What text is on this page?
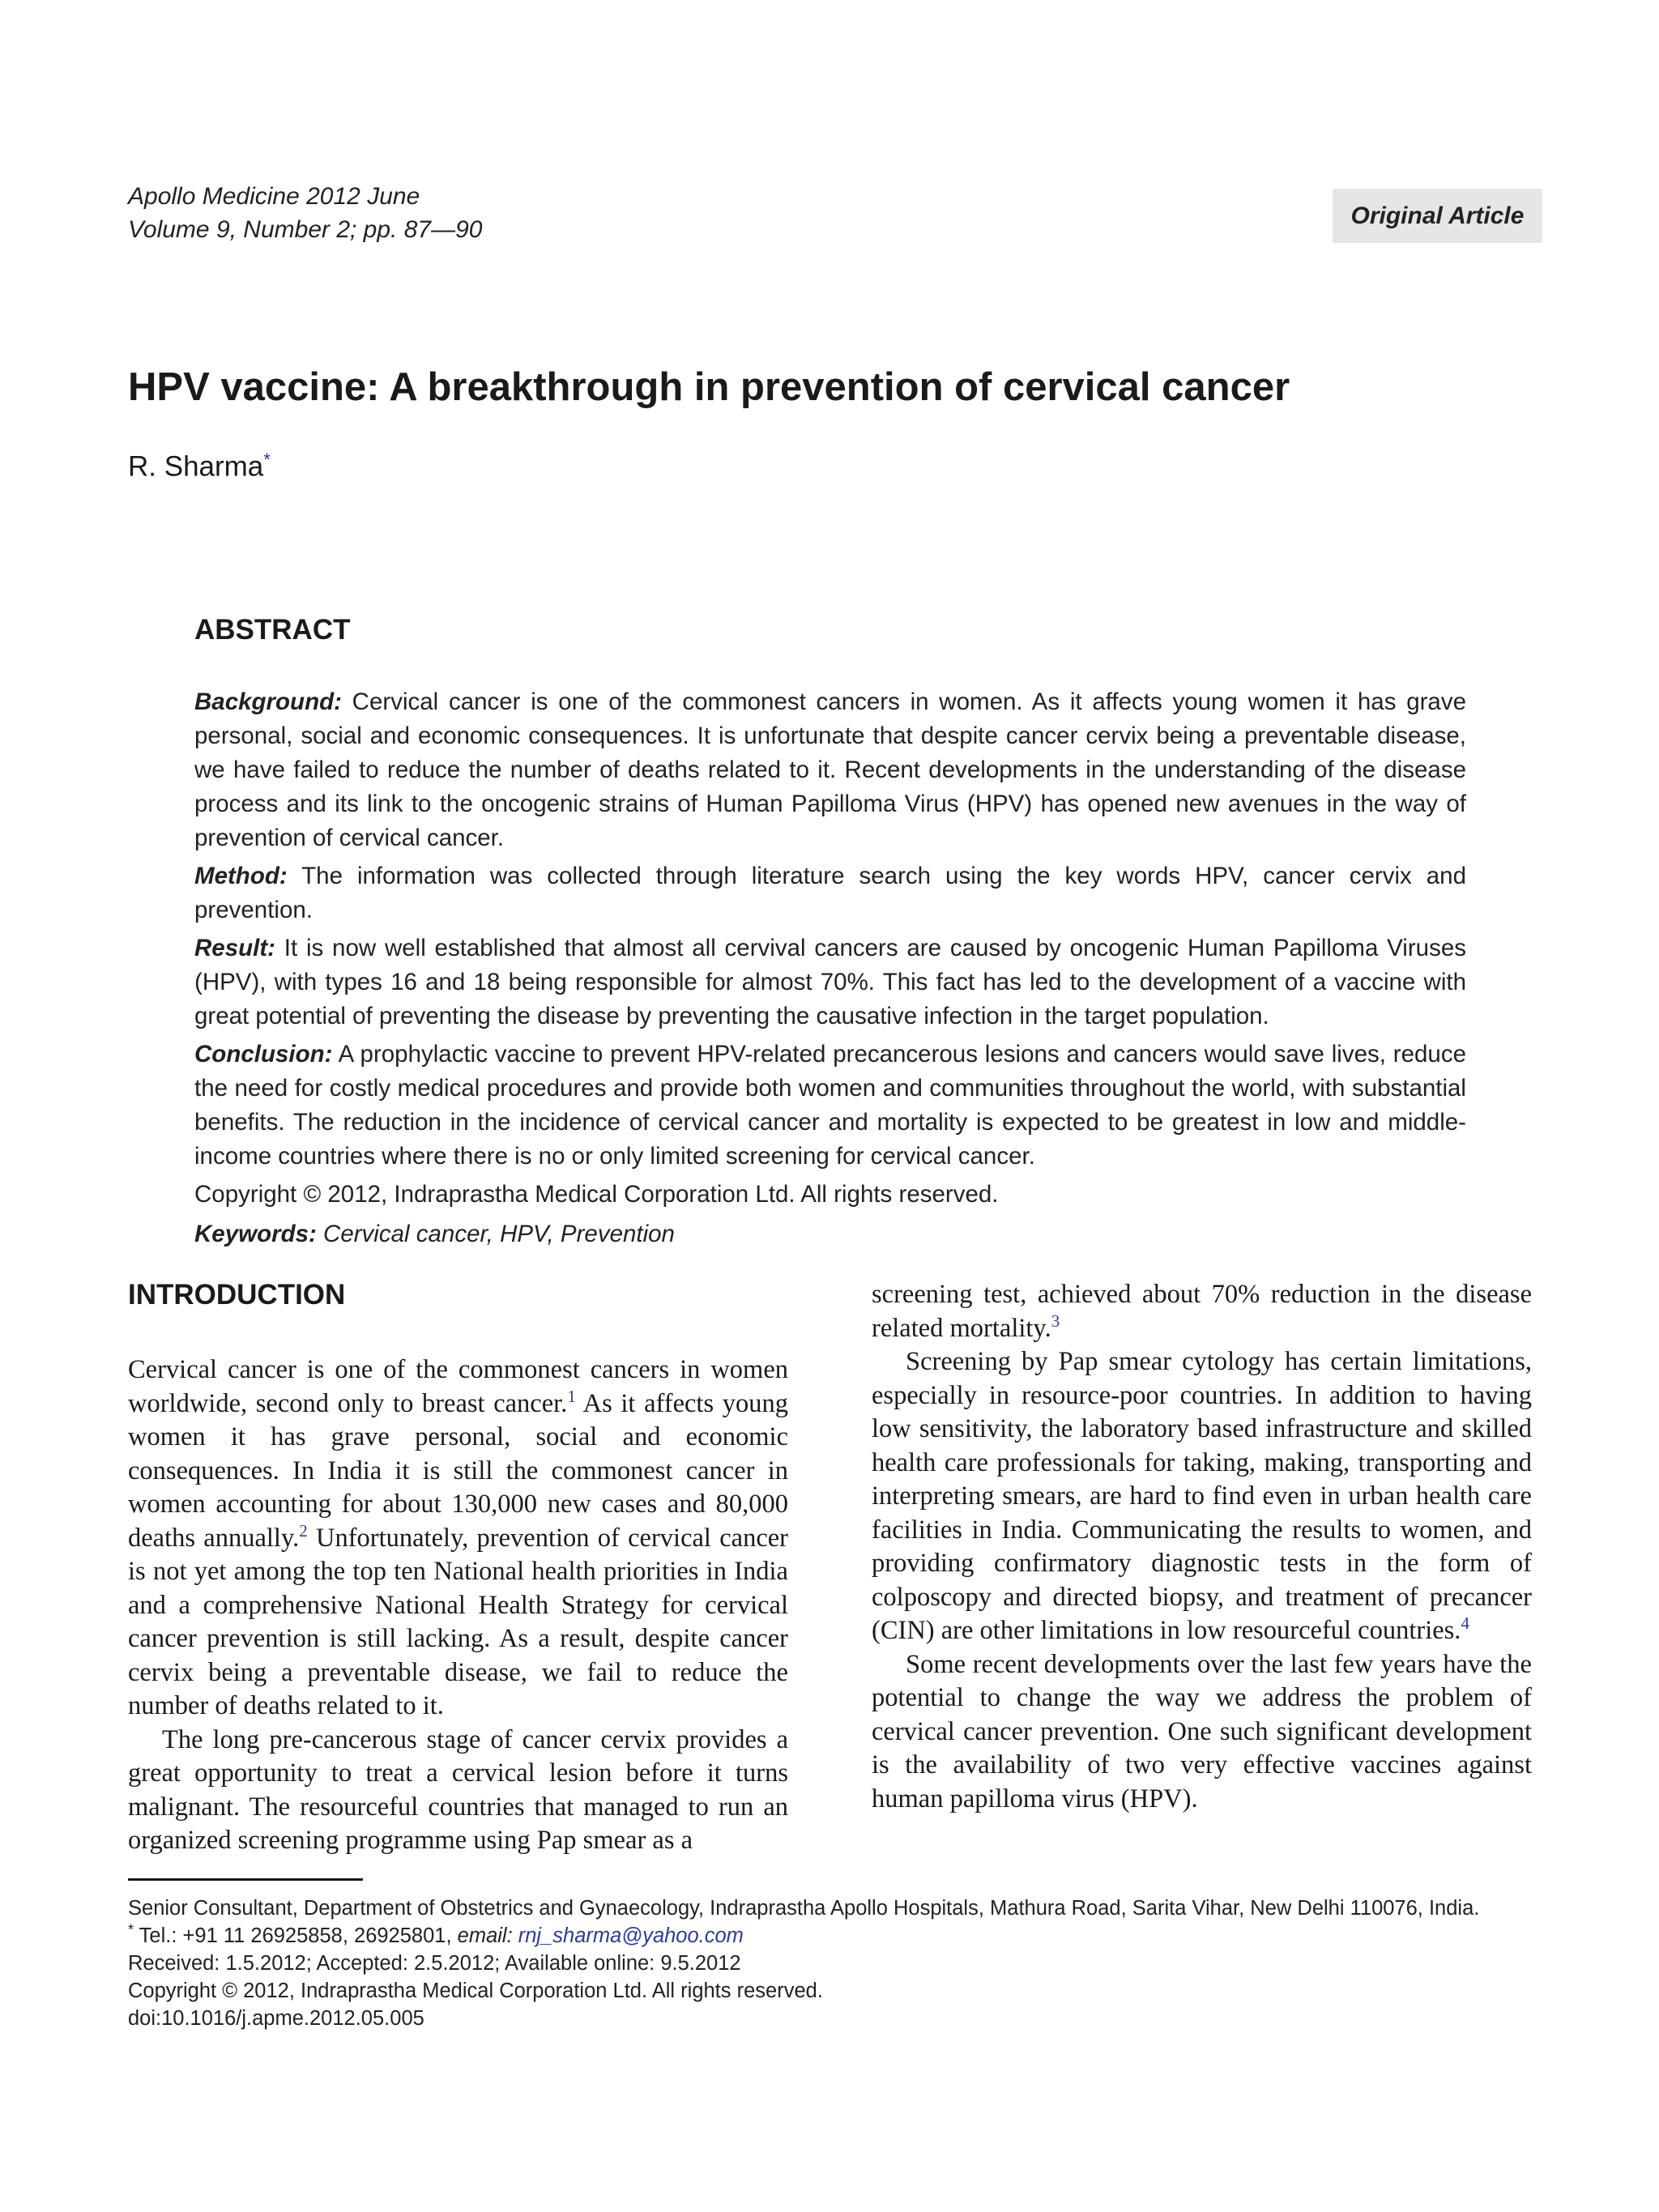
Apollo Medicine 2012 June
Volume 9, Number 2; pp. 87—90
Original Article
HPV vaccine: A breakthrough in prevention of cervical cancer
R. Sharma*
ABSTRACT

Background: Cervical cancer is one of the commonest cancers in women. As it affects young women it has grave personal, social and economic consequences. It is unfortunate that despite cancer cervix being a preventable disease, we have failed to reduce the number of deaths related to it. Recent developments in the understanding of the disease process and its link to the oncogenic strains of Human Papilloma Virus (HPV) has opened new avenues in the way of prevention of cervical cancer.

Method: The information was collected through literature search using the key words HPV, cancer cervix and prevention.

Result: It is now well established that almost all cervival cancers are caused by oncogenic Human Papilloma Viruses (HPV), with types 16 and 18 being responsible for almost 70%. This fact has led to the development of a vaccine with great potential of preventing the disease by preventing the causative infection in the target population.

Conclusion: A prophylactic vaccine to prevent HPV-related precancerous lesions and cancers would save lives, reduce the need for costly medical procedures and provide both women and communities throughout the world, with substantial benefits. The reduction in the incidence of cervical cancer and mortality is expected to be greatest in low and middle-income countries where there is no or only limited screening for cervical cancer.

Copyright © 2012, Indraprastha Medical Corporation Ltd. All rights reserved.

Keywords: Cervical cancer, HPV, Prevention

INTRODUCTION

Cervical cancer is one of the commonest cancers in women worldwide, second only to breast cancer.$^1$ As it affects young women it has grave personal, social and economic consequences. In India it is still the commonest cancer in women accounting for about 130,000 new cases and 80,000 deaths annually.$^2$ Unfortunately, prevention of cervical cancer is not yet among the top ten National health priorities in India and a comprehensive National Health Strategy for cervical cancer prevention is still lacking. As a result, despite cancer cervix being a preventable disease, we fail to reduce the number of deaths related to it.

The long pre-cancerous stage of cancer cervix provides a great opportunity to treat a cervical lesion before it turns malignant. The resourceful countries that managed to run an organized screening programme using Pap smear as a

screening test, achieved about 70% reduction in the disease related mortality.$^3$

Screening by Pap smear cytology has certain limitations, especially in resource-poor countries. In addition to having low sensitivity, the laboratory based infrastructure and skilled health care professionals for taking, making, transporting and interpreting smears, are hard to find even in urban health care facilities in India. Communicating the results to women, and providing confirmatory diagnostic tests in the form of colposcopy and directed biopsy, and treatment of precancer (CIN) are other limitations in low resourceful countries.$^4$

Some recent developments over the last few years have the potential to change the way we address the problem of cervical cancer prevention. One such significant development is the availability of two very effective vaccines against human papilloma virus (HPV).

Senior Consultant, Department of Obstetrics and Gynaecology, Indraprastha Apollo Hospitals, Mathura Road, Sarita Vihar, New Delhi 110076, India.
* Tel.: +91 11 26925858, 26925801, email: rnj_sharma@yahoo.com
Received: 1.5.2012; Accepted: 2.5.2012; Available online: 9.5.2012
Copyright © 2012, Indraprastha Medical Corporation Ltd. All rights reserved.
doi:10.1016/j.apme.2012.05.005
